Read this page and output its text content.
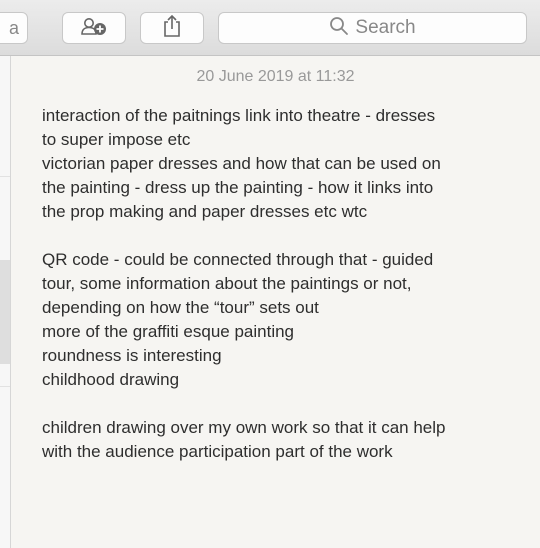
a	Search
20 June 2019 at 11:32
interaction of the paitnings link into theatre - dresses
to super impose etc
victorian paper dresses and how that can be used on
the painting - dress up the painting - how it links into
the prop making and paper dresses etc wtc
QR code - could be connected through that - guided
tour, some information about the paintings or not,
depending on how the “tour” sets out
more of the graffiti esque painting
roundness is interesting
childhood drawing
children drawing over my own work so that it can help
with the audience participation part of the work
